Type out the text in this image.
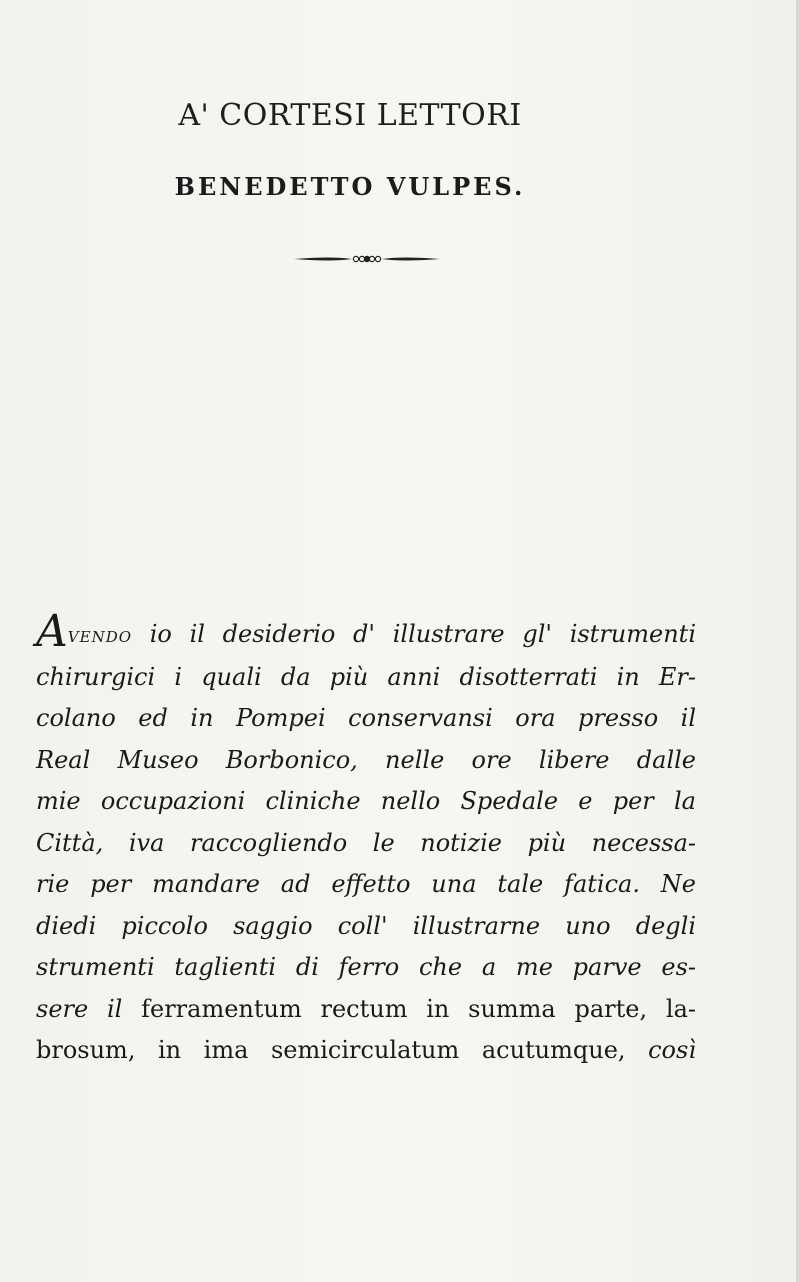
A' CORTESI LETTORI
BENEDETTO VULPES.
Avendo io il desiderio d' illustrare gl' istrumenti
chirurgici i quali da più anni disotterrati in Er-
colano ed in Pompei conservansi ora presso il
Real Museo Borbonico, nelle ore libere dalle
mie occupazioni cliniche nello Spedale e per la
Città, iva raccogliendo le notizie più necessa-
rie per mandare ad effetto una tale fatica. Ne
diedi piccolo saggio coll' illustrarne uno degli
strumenti taglienti di ferro che a me parve es-
sere il ferramentum rectum in summa parte, la-
brosum, in ima semicirculatum acutumque, così
